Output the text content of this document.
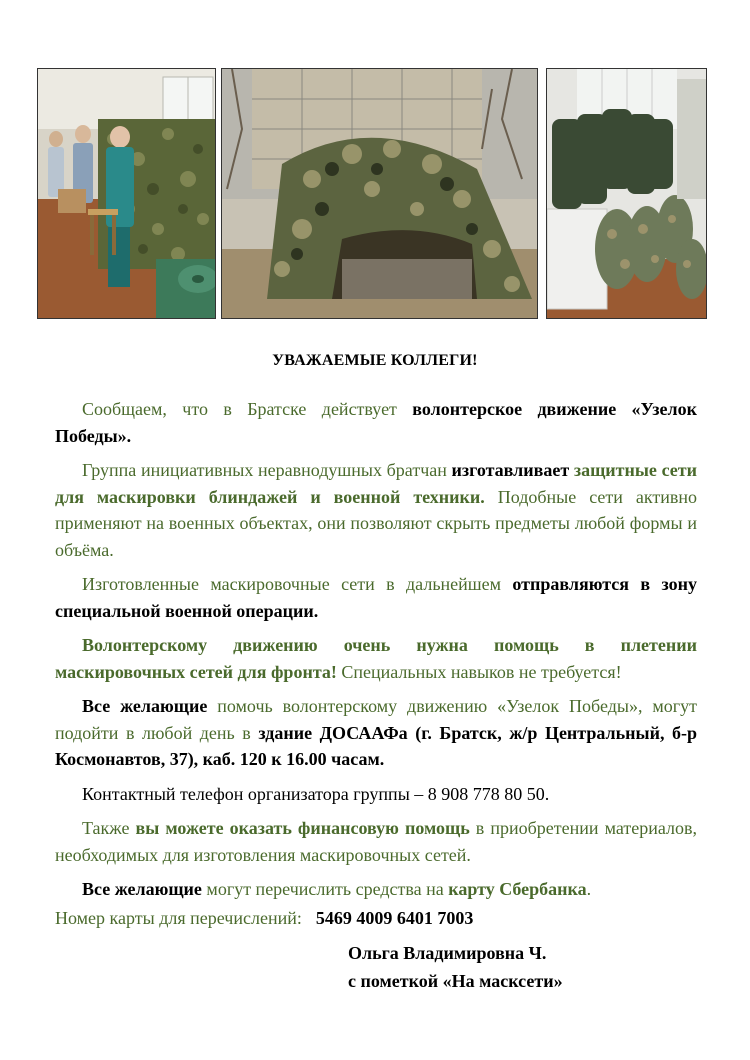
УВАЖАЕМЫЕ КОЛЛЕГИ!

Сообщаем, что в Братске действует волонтерское движение «Узелок Победы».

Группа инициативных неравнодушных братчан изготавливает защитные сети для маскировки блиндажей и военной техники. Подобные сети активно применяют на военных объектах, они позволяют скрыть предметы любой формы и объёма.

Изготовленные маскировочные сети в дальнейшем отправляются в зону специальной военной операции.

Волонтерскому движению очень нужна помощь в плетении маскировочных сетей для фронта! Специальных навыков не требуется!

Все желающие помочь волонтерскому движению «Узелок Победы», могут подойти в любой день в здание ДОСААФа (г. Братск, ж/р Центральный, б-р Космонавтов, 37), каб. 120 к 16.00 часам.

Контактный телефон организатора группы – 8 908 778 80 50.

Также вы можете оказать финансовую помощь в приобретении материалов, необходимых для изготовления маскировочных сетей.

Все желающие могут перечислить средства на карту Сбербанка.

Номер карты для перечислений: 5469 4009 6401 7003

Ольга Владимировна Ч.
с пометкой «На масксети»
